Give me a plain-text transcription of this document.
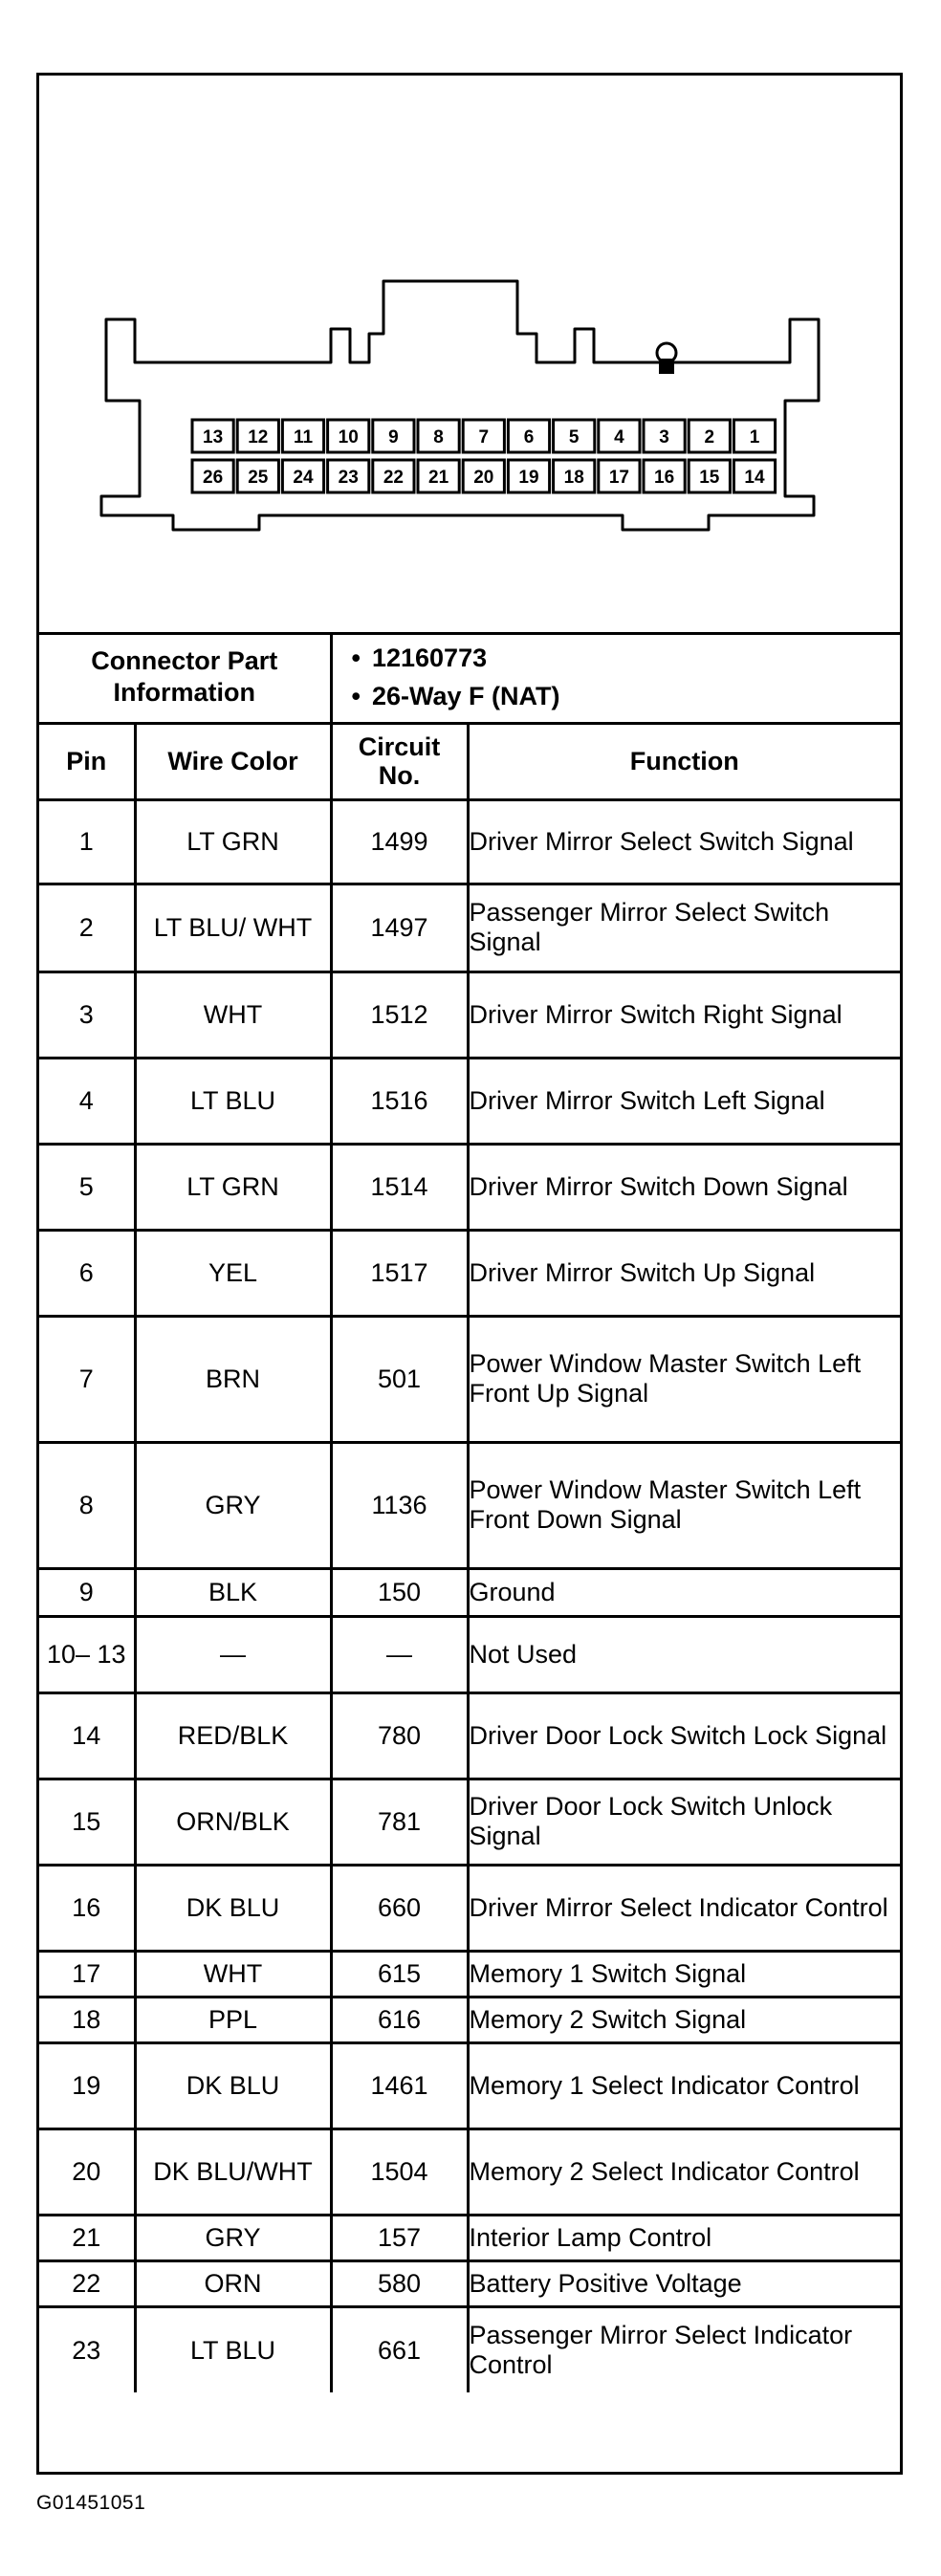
13 12 11 10 9 8 7 6 5 4 3 2 1
26 25 24 23 22 21 20 19 18 17 16 15 14
Connector Part Information		• 12160773
• 26-Way F (NAT)

Pin	Wire Color	Circuit No.	Function
1	LT GRN	1499	Driver Mirror Select Switch Signal
2	LT BLU/ WHT	1497	Passenger Mirror Select Switch Signal
3	WHT	1512	Driver Mirror Switch Right Signal
4	LT BLU	1516	Driver Mirror Switch Left Signal
5	LT GRN	1514	Driver Mirror Switch Down Signal
6	YEL	1517	Driver Mirror Switch Up Signal
7	BRN	501	Power Window Master Switch Left Front Up Signal
8	GRY	1136	Power Window Master Switch Left Front Down Signal
9	BLK	150	Ground
10– 13	—	—	Not Used
14	RED/BLK	780	Driver Door Lock Switch Lock Signal
15	ORN/BLK	781	Driver Door Lock Switch Unlock Signal
16	DK BLU	660	Driver Mirror Select Indicator Control
17	WHT	615	Memory 1 Switch Signal
18	PPL	616	Memory 2 Switch Signal
19	DK BLU	1461	Memory 1 Select Indicator Control
20	DK BLU/WHT	1504	Memory 2 Select Indicator Control
21	GRY	157	Interior Lamp Control
22	ORN	580	Battery Positive Voltage
23	LT BLU	661	Passenger Mirror Select Indicator Control
G01451051
